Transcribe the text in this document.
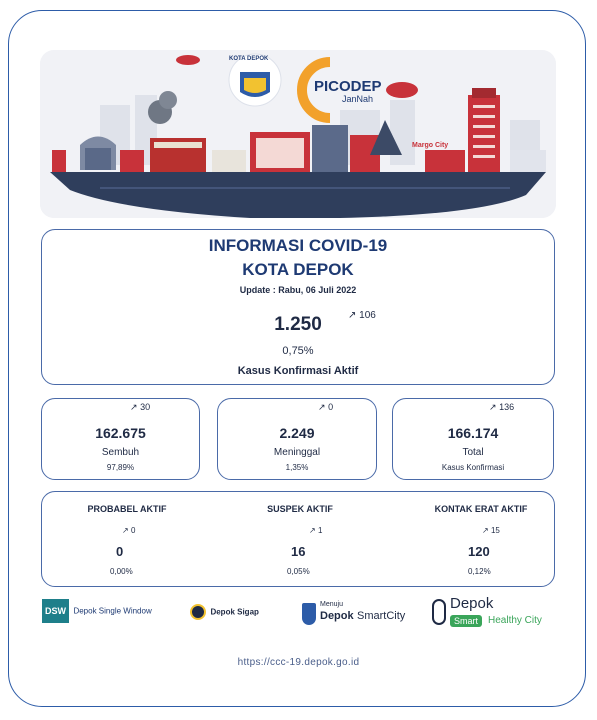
KOTA DEPOK
PICODEP
JanNah
Margo City
INFORMASI COVID-19
KOTA DEPOK
Update : Rabu, 06 Juli 2022
1.250	↗ 106
0,75%
Kasus Konfirmasi Aktif
↗ 30
162.675
Sembuh
97,89%
↗ 0
2.249
Meninggal
1,35%
↗ 136
166.174
Total
Kasus Konfirmasi
PROBABEL AKTIF
↗ 0
0
0,00%
SUSPEK AKTIF
↗ 1
16
0,05%
KONTAK ERAT AKTIF
↗ 15
120
0,12%
DSW Depok Single Window	Depok Sigap
Menuju
Depok SmartCity
Depok
Smart Healthy City
https://ccc-19.depok.go.id
